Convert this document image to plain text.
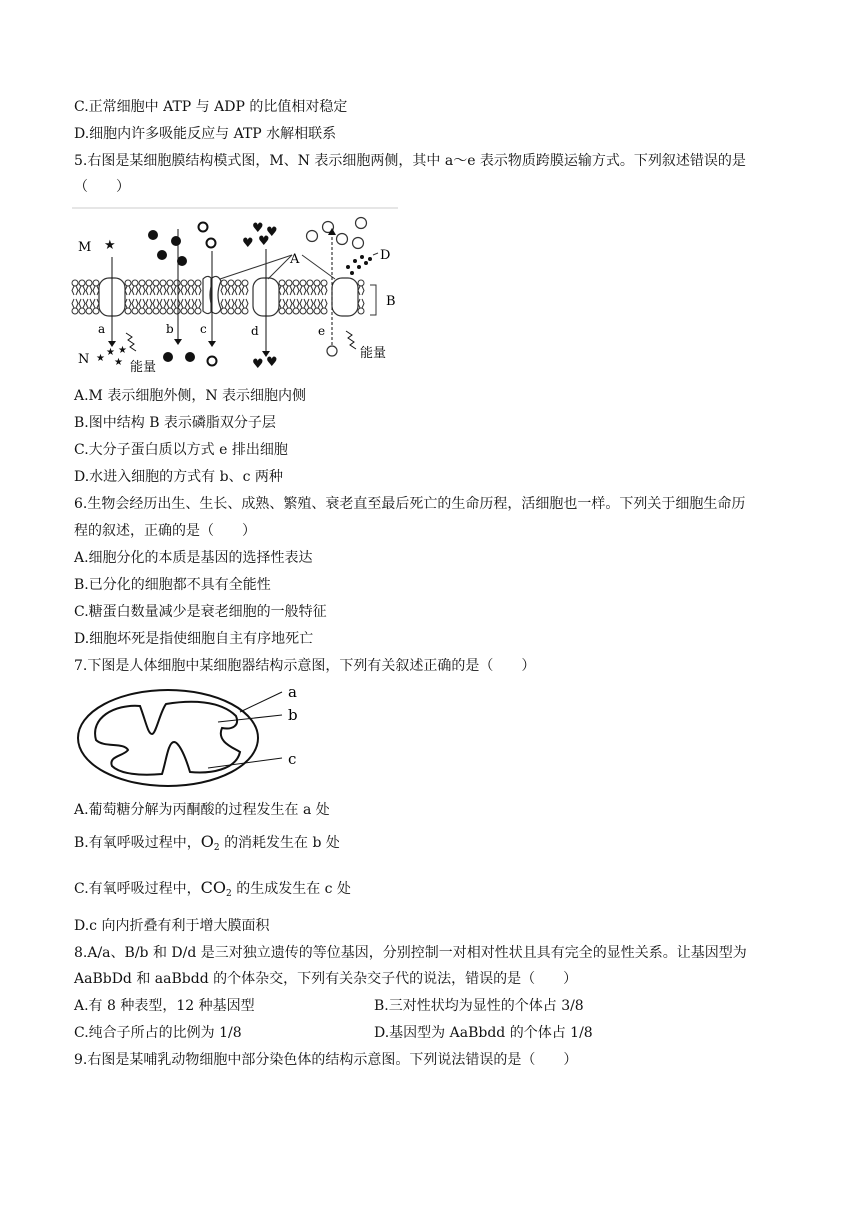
C.正常细胞中 ATP 与 ADP 的比值相对稳定
D.细胞内许多吸能反应与 ATP 水解相联系
5.右图是某细胞膜结构模式图，M、N 表示细胞两侧，其中 a～e 表示物质跨膜运输方式。下列叙述错误的是
（　　）
B
M
N
★
★
★
★
★
a
能量
b c
♥ ♥
♥
♥
♥ ♥
d
A	D
e
能量
A.M 表示细胞外侧，N 表示细胞内侧
B.图中结构 B 表示磷脂双分子层
C.大分子蛋白质以方式 e 排出细胞
D.水进入细胞的方式有 b、c 两种
6.生物会经历出生、生长、成熟、繁殖、衰老直至最后死亡的生命历程，活细胞也一样。下列关于细胞生命历
程的叙述，正确的是（　　）
A.细胞分化的本质是基因的选择性表达
B.已分化的细胞都不具有全能性
C.糖蛋白数量减少是衰老细胞的一般特征
D.细胞坏死是指使细胞自主有序地死亡
7.下图是人体细胞中某细胞器结构示意图，下列有关叙述正确的是（　　）
a
b
c
A.葡萄糖分解为丙酮酸的过程发生在 a 处
B.有氧呼吸过程中，$O_2$ 的消耗发生在 b 处
C.有氧呼吸过程中，$CO_2$ 的生成发生在 c 处
D.c 向内折叠有利于增大膜面积
8.A/a、B/b 和 D/d 是三对独立遗传的等位基因，分别控制一对相对性状且具有完全的显性关系。让基因型为
AaBbDd 和 aaBbdd 的个体杂交，下列有关杂交子代的说法，错误的是（　　）
A.有 8 种表型，12 种基因型	B.三对性状均为显性的个体占 3/8
C.纯合子所占的比例为 1/8	D.基因型为 AaBbdd 的个体占 1/8
9.右图是某哺乳动物细胞中部分染色体的结构示意图。下列说法错误的是（　　）
